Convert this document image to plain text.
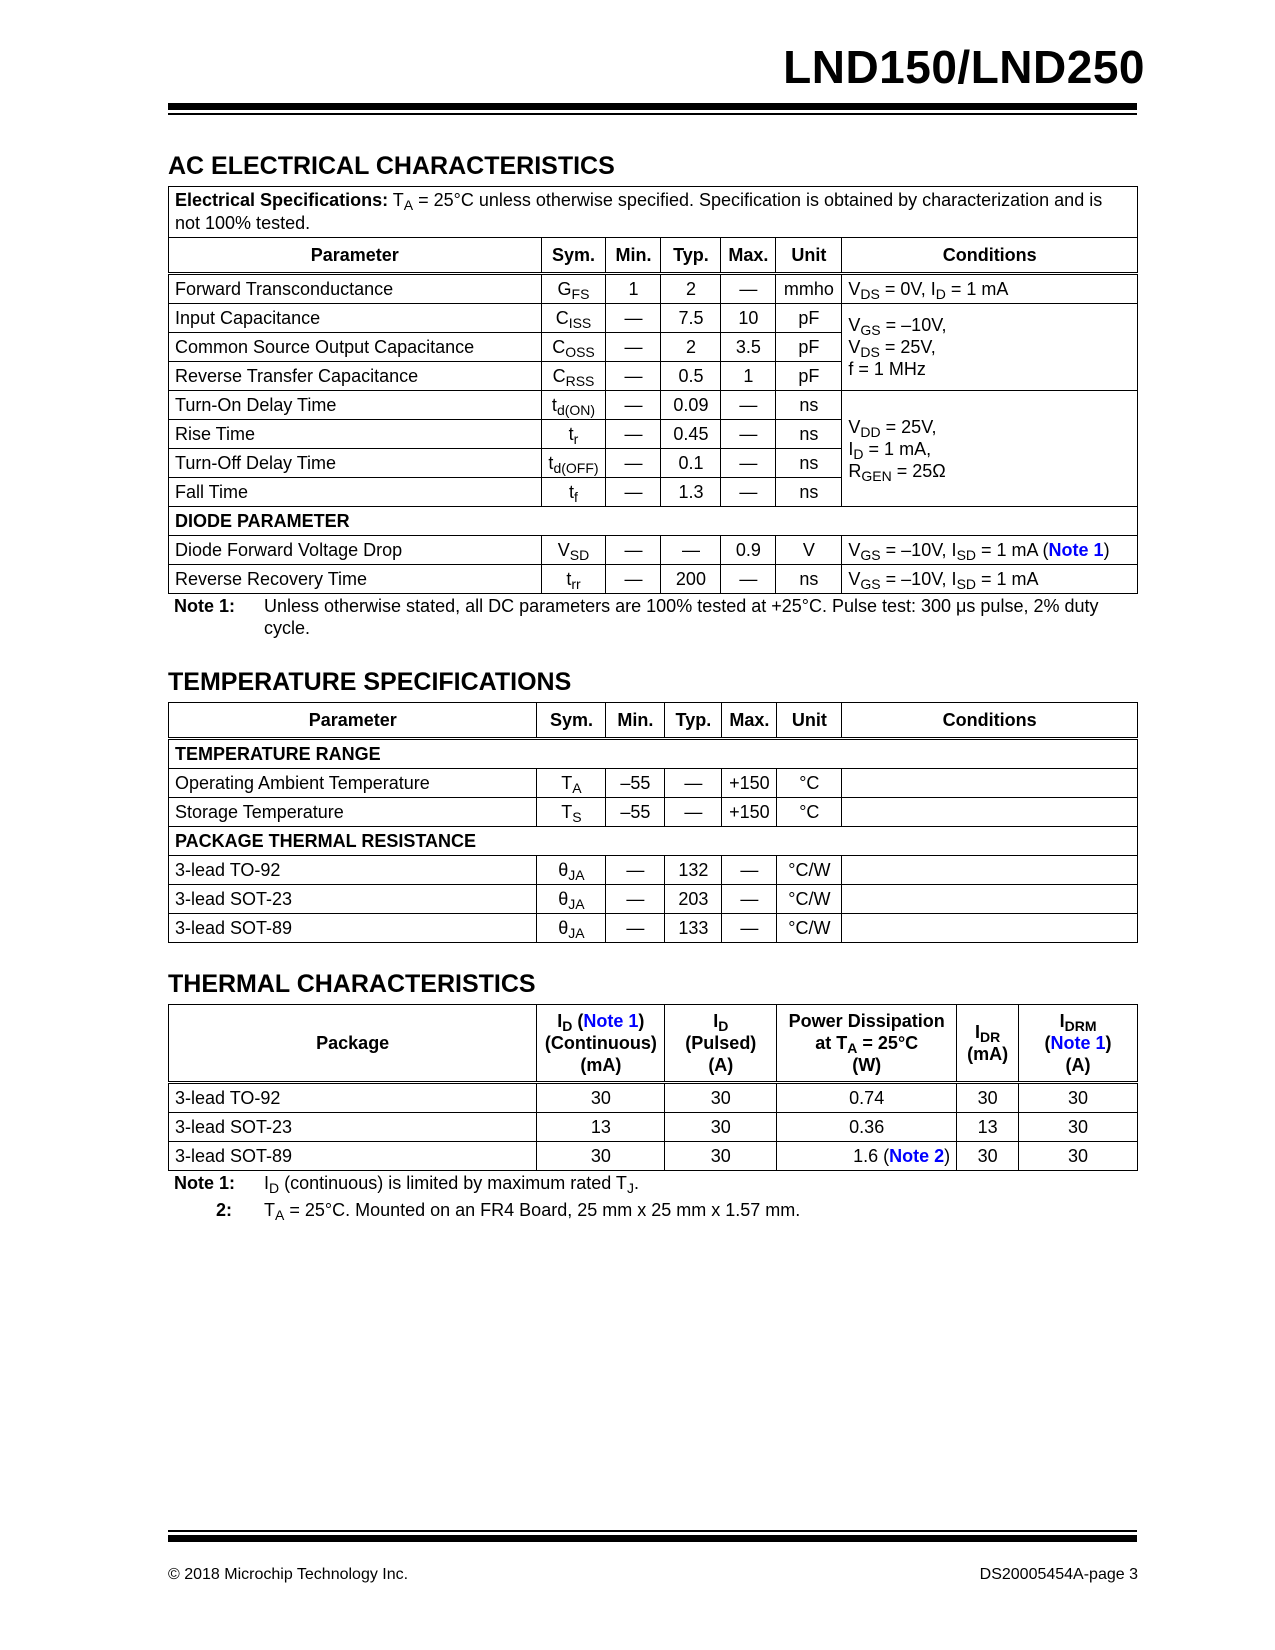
LND150/LND250
AC ELECTRICAL CHARACTERISTICS
Electrical Specifications: $T_A = 25^\circ C$ unless otherwise specified. Specification is obtained by characterization and is not 100% tested.						
Parameter	Sym.	Min.	Typ.	Max.	Unit	Conditions
Forward Transconductance	$G_{FS}$	1	2	—	mmho	$V_{DS} = 0V$, $I_D = 1$ mA
Input Capacitance	$C_{ISS}$	—	7.5	10	pF	$V_{GS} = -10V$,
$V_{DS} = 25V$,
f = 1 MHz
Common Source Output Capacitance	$C_{OSS}$	—	2	3.5	pF	
Reverse Transfer Capacitance	$C_{RSS}$	—	0.5	1	pF	
Turn-On Delay Time	$t_{d(ON)}$	—	0.09	—	ns	$V_{DD} = 25V$,
$I_D = 1$ mA,
$R_{GEN} = 25\Omega$
Rise Time	$t_r$	—	0.45	—	ns	
Turn-Off Delay Time	$t_{d(OFF)}$	—	0.1	—	ns	
Fall Time	$t_f$	—	1.3	—	ns	
DIODE PARAMETER						
Diode Forward Voltage Drop	$V_{SD}$	—	—	0.9	V	$V_{GS} = -10V$, $I_{SD} = 1$ mA (Note 1)
Reverse Recovery Time	$t_{rr}$	—	200	—	ns	$V_{GS} = -10V$, $I_{SD} = 1$ mA
Note 1: Unless otherwise stated, all DC parameters are 100% tested at +25°C. Pulse test: 300 μs pulse, 2% duty cycle.
TEMPERATURE SPECIFICATIONS
Parameter	Sym.	Min.	Typ.	Max.	Unit	Conditions
TEMPERATURE RANGE						
Operating Ambient Temperature	$T_A$	–55	—	+150	°C	
Storage Temperature	$T_S$	–55	—	+150	°C	
PACKAGE THERMAL RESISTANCE						
3-lead TO-92	$\theta_{JA}$	—	132	—	°C/W	
3-lead SOT-23	$\theta_{JA}$	—	203	—	°C/W	
3-lead SOT-89	$\theta_{JA}$	—	133	—	°C/W	
THERMAL CHARACTERISTICS
Package	$I_D$ (Note 1)
(Continuous)
(mA)	$I_D$
(Pulsed)
(A)	Power Dissipation
at $T_A = 25^\circ C$
(W)	$I_{DR}$
(mA)	$I_{DRM}$
(Note 1)
(A)
3-lead TO-92	30	30	0.74	30	30
3-lead SOT-23	13	30	0.36	13	30
3-lead SOT-89	30	30	1.6 (Note 2)	30	30
Note 1: $I_D$ (continuous) is limited by maximum rated $T_J$.
2: $T_A = 25^\circ C$. Mounted on an FR4 Board, 25 mm x 25 mm x 1.57 mm.
© 2018 Microchip Technology Inc.	DS20005454A-page 3
